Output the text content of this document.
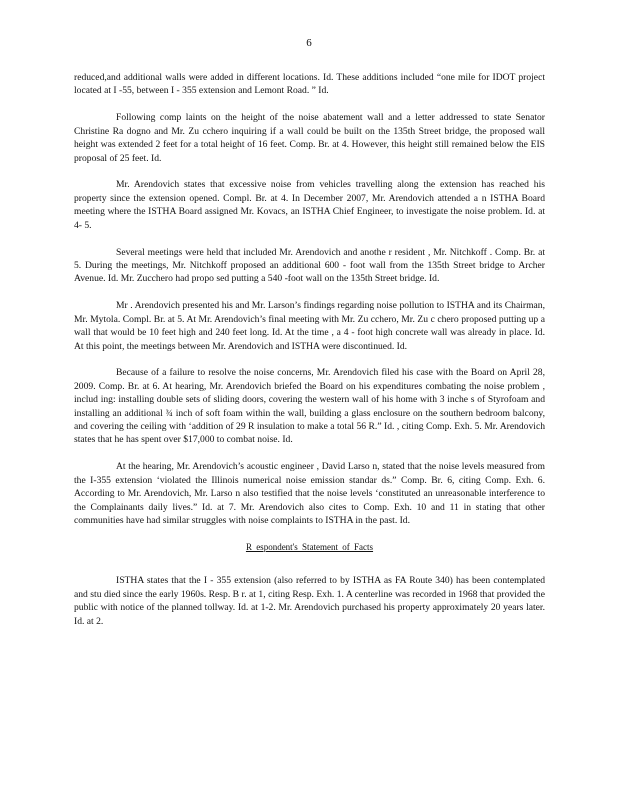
6

reduced,and additional walls were added in different locations. Id. These additions included “one mile for IDOT project located at I -55, between I - 355 extension and Lemont Road. ” Id.

Following comp laints on the height of the noise abatement wall and a letter addressed to state Senator Christine Ra dogno and Mr. Zu cchero inquiring if a wall could be built on the 135th Street bridge, the proposed wall height was extended 2 feet for a total height of 16 feet. Comp. Br. at 4. However, this height still remained below the EIS proposal of 25 feet. Id.

Mr. Arendovich states that excessive noise from vehicles travelling along the extension has reached his property since the extension opened. Compl. Br. at 4. In December 2007, Mr. Arendovich attended a n ISTHA Board meeting where the ISTHA Board assigned Mr. Kovacs, an ISTHA Chief Engineer, to investigate the noise problem. Id. at 4- 5.

Several meetings were held that included Mr. Arendovich and anothe r resident , Mr. Nitchkoff . Comp. Br. at 5. During the meetings, Mr. Nitchkoff proposed an additional 600 - foot wall from the 135th Street bridge to Archer Avenue. Id. Mr. Zucchero had propo sed putting a 540 -foot wall on the 135th Street bridge. Id.

Mr . Arendovich presented his and Mr. Larson’s findings regarding noise pollution to ISTHA and its Chairman, Mr. Mytola. Compl. Br. at 5. At Mr. Arendovich’s final meeting with Mr. Zu cchero, Mr. Zu c chero proposed putting up a wall that would be 10 feet high and 240 feet long. Id. At the time , a 4 - foot high concrete wall was already in place. Id. At this point, the meetings between Mr. Arendovich and ISTHA were discontinued. Id.

Because of a failure to resolve the noise concerns, Mr. Arendovich filed his case with the Board on April 28, 2009. Comp. Br. at 6. At hearing, Mr. Arendovich briefed the Board on his expenditures combating the noise problem , includ ing: installing double sets of sliding doors, covering the western wall of his home with 3 inche s of Styrofoam and installing an additional ¾ inch of soft foam within the wall, building a glass enclosure on the southern bedroom balcony, and covering the ceiling with ‘addition of 29 R insulation to make a total 56 R.” Id. , citing Comp. Exh. 5. Mr. Arendovich states that he has spent over $17,000 to combat noise. Id.

At the hearing, Mr. Arendovich’s acoustic engineer , David Larso n, stated that the noise levels measured from the I-355 extension ‘violated the Illinois numerical noise emission standar ds.” Comp. Br. 6, citing Comp. Exh. 6. According to Mr. Arendovich, Mr. Larso n also testified that the noise levels ‘constituted an unreasonable interference to the Complainants daily lives.” Id. at 7. Mr. Arendovich also cites to Comp. Exh. 10 and 11 in stating that other communities have had similar struggles with noise complaints to ISTHA in the past. Id.

R espondent's Statement of Facts

ISTHA states that the I - 355 extension (also referred to by ISTHA as FA Route 340) has been contemplated and stu died since the early 1960s. Resp. B r. at 1, citing Resp. Exh. 1. A centerline was recorded in 1968 that provided the public with notice of the planned tollway. Id. at 1-2. Mr. Arendovich purchased his property approximately 20 years later. Id. at 2.
